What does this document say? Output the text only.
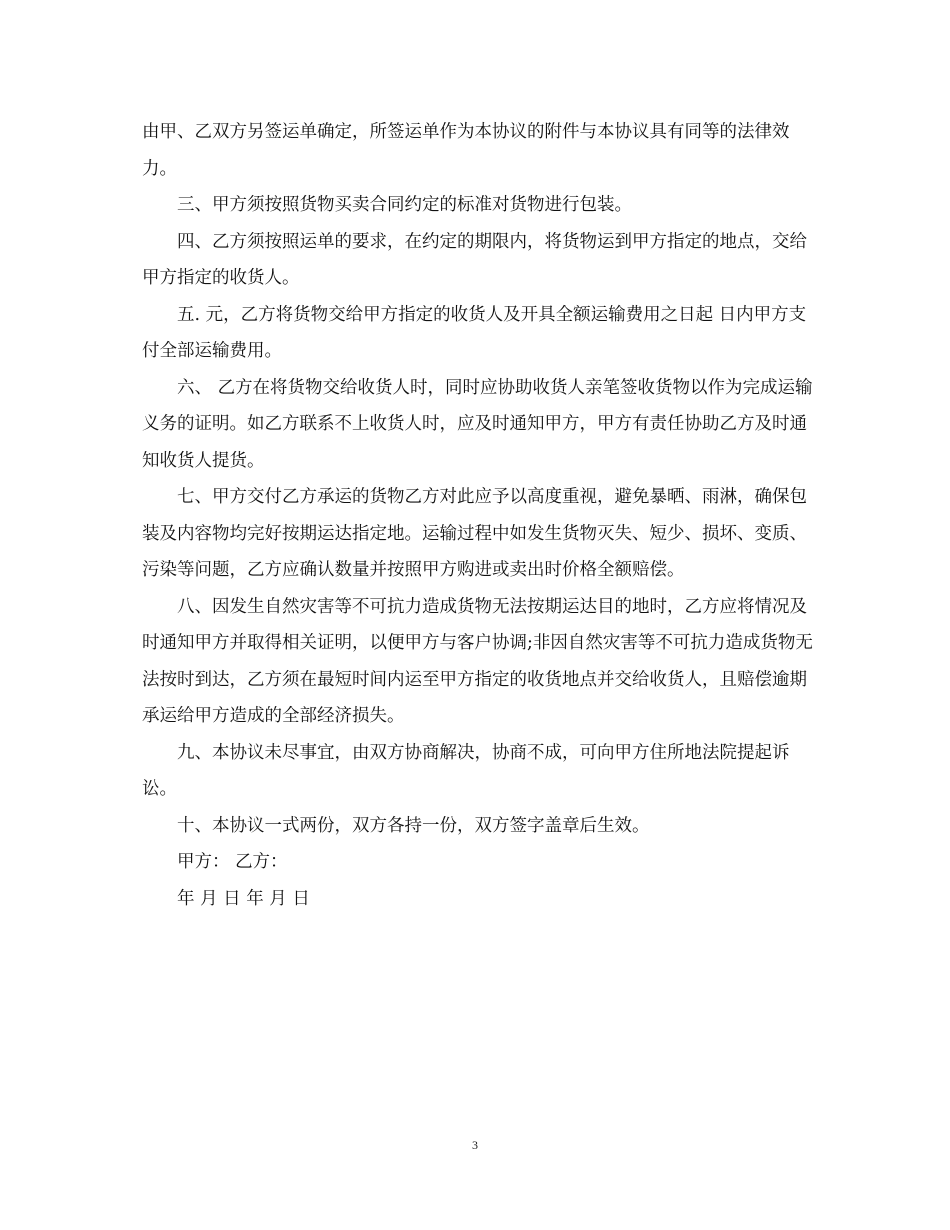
由甲、乙双方另签运单确定，所签运单作为本协议的附件与本协议具有同等的法律效力。

三、甲方须按照货物买卖合同约定的标准对货物进行包装。

四、乙方须按照运单的要求，在约定的期限内，将货物运到甲方指定的地点，交给甲方指定的收货人。

五. 元，乙方将货物交给甲方指定的收货人及开具全额运输费用之日起 日内甲方支付全部运输费用。

六、 乙方在将货物交给收货人时，同时应协助收货人亲笔签收货物以作为完成运输义务的证明。如乙方联系不上收货人时，应及时通知甲方，甲方有责任协助乙方及时通知收货人提货。

七、甲方交付乙方承运的货物乙方对此应予以高度重视，避免暴晒、雨淋，确保包装及内容物均完好按期运达指定地。运输过程中如发生货物灭失、短少、损坏、变质、污染等问题，乙方应确认数量并按照甲方购进或卖出时价格全额赔偿。

八、因发生自然灾害等不可抗力造成货物无法按期运达目的地时，乙方应将情况及时通知甲方并取得相关证明，以便甲方与客户协调;非因自然灾害等不可抗力造成货物无法按时到达，乙方须在最短时间内运至甲方指定的收货地点并交给收货人，且赔偿逾期承运给甲方造成的全部经济损失。

九、本协议未尽事宜，由双方协商解决，协商不成，可向甲方住所地法院提起诉讼。

十、本协议一式两份，双方各持一份，双方签字盖章后生效。

甲方： 乙方：

年 月 日 年 月 日

3
